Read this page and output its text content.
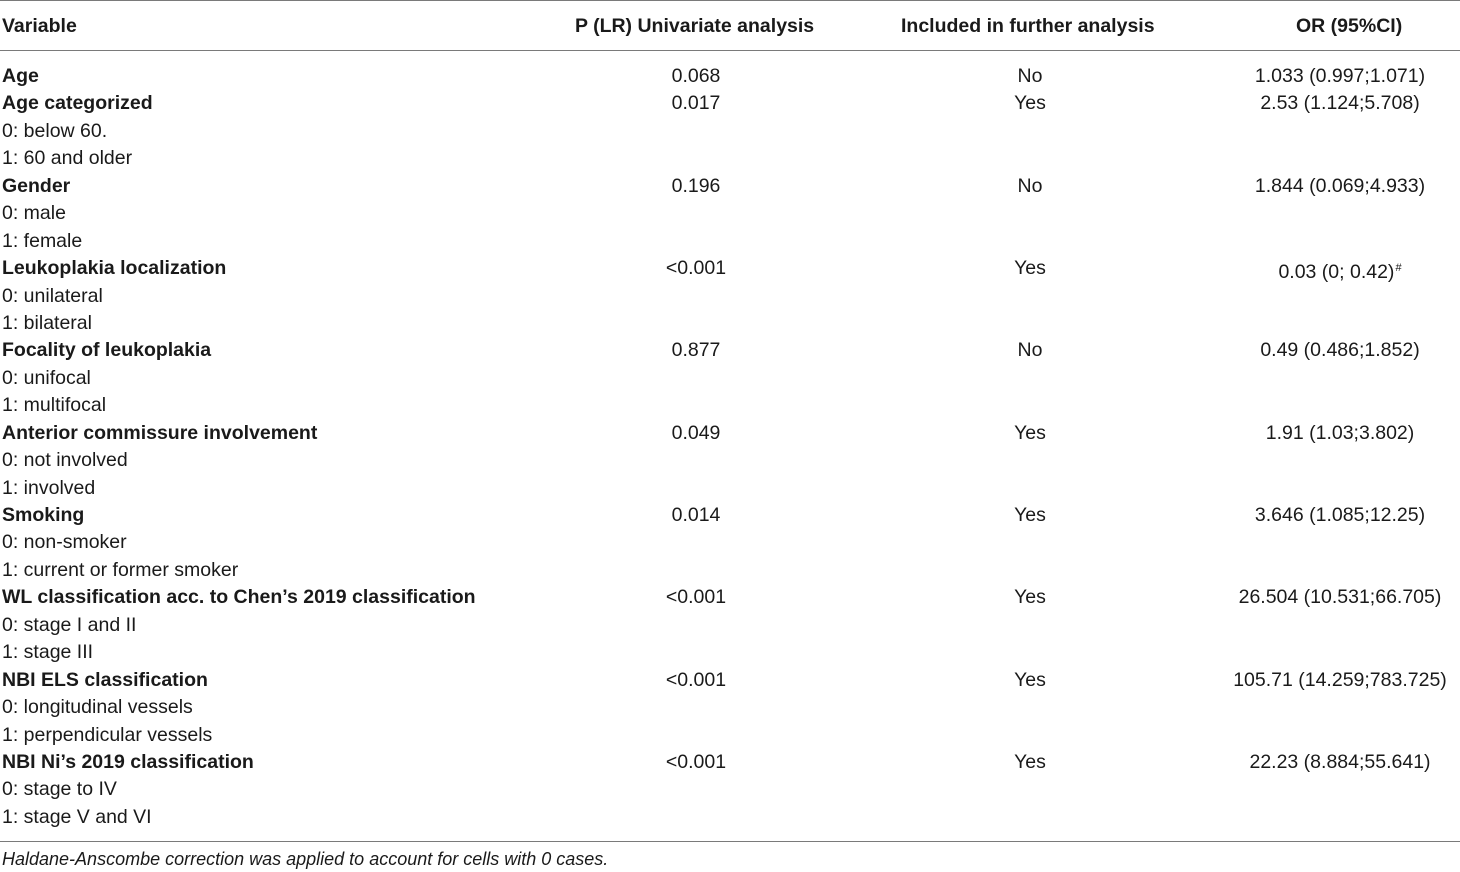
Variable	P (LR) Univariate analysis	Included in further analysis	OR (95%CI)
Age	0.068	No	1.033 (0.997;1.071)
Age categorized	0.017	Yes	2.53 (1.124;5.708)
0: below 60.
1: 60 and older
Gender	0.196	No	1.844 (0.069;4.933)
0: male
1: female
Leukoplakia localization	<0.001	Yes	0.03 (0; 0.42)#
0: unilateral
1: bilateral
Focality of leukoplakia	0.877	No	0.49 (0.486;1.852)
0: unifocal
1: multifocal
Anterior commissure involvement	0.049	Yes	1.91 (1.03;3.802)
0: not involved
1: involved
Smoking	0.014	Yes	3.646 (1.085;12.25)
0: non-smoker
1: current or former smoker
WL classification acc. to Chen’s 2019 classification	<0.001	Yes	26.504 (10.531;66.705)
0: stage I and II
1: stage III
NBI ELS classification	<0.001	Yes	105.71 (14.259;783.725)
0: longitudinal vessels
1: perpendicular vessels
NBI Ni’s 2019 classification	<0.001	Yes	22.23 (8.884;55.641)
0: stage to IV
1: stage V and VI
Haldane-Anscombe correction was applied to account for cells with 0 cases.
